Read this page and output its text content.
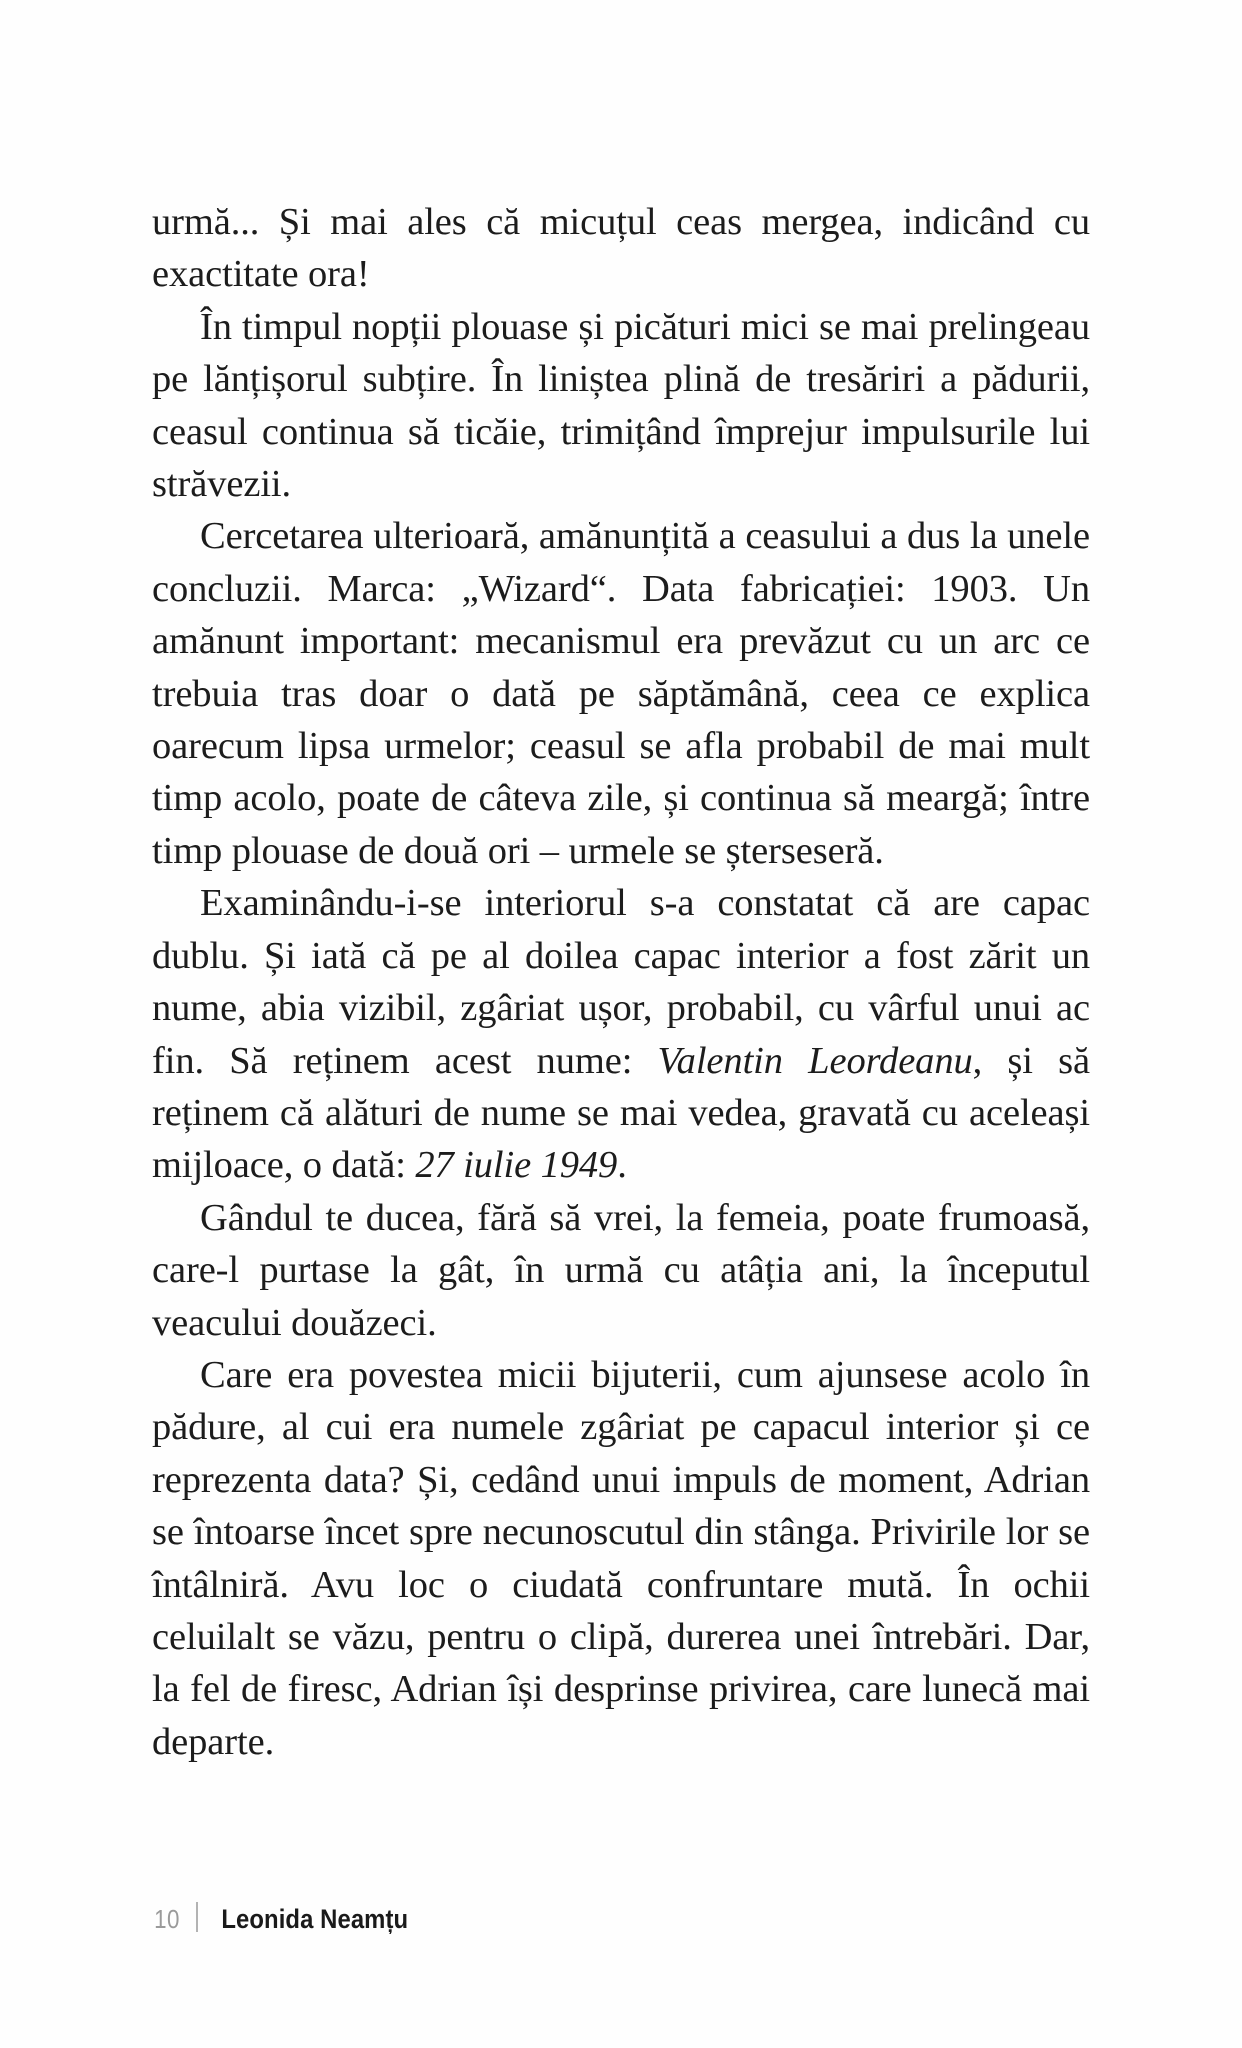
urmă... Și mai ales că micuțul ceas mergea, indicând cu exactitate ora!

În timpul nopții plouase și picături mici se mai prelingeau pe lănțișorul subțire. În liniștea plină de tresăriri a pădurii, ceasul continua să ticăie, trimițând împrejur impulsurile lui străvezii.

Cercetarea ulterioară, amănunțită a ceasului a dus la unele concluzii. Marca: „Wizard“. Data fabricației: 1903. Un amănunt important: mecanismul era prevăzut cu un arc ce trebuia tras doar o dată pe săptămână, ceea ce explica oarecum lipsa urmelor; ceasul se afla probabil de mai mult timp acolo, poate de câteva zile, și continua să meargă; între timp plouase de două ori – urmele se șterseseră.

Examinându-i-se interiorul s-a constatat că are capac dublu. Și iată că pe al doilea capac interior a fost zărit un nume, abia vizibil, zgâriat ușor, probabil, cu vârful unui ac fin. Să reținem acest nume: Valentin Leordeanu, și să reținem că alături de nume se mai vedea, gravată cu aceleași mijloace, o dată: 27 iulie 1949.

Gândul te ducea, fără să vrei, la femeia, poate frumoasă, care-l purtase la gât, în urmă cu atâția ani, la începutul veacului douăzeci.

Care era povestea micii bijuterii, cum ajunsese acolo în pădure, al cui era numele zgâriat pe capacul interior și ce reprezenta data? Și, cedând unui impuls de moment, Adrian se întoarse încet spre necunoscutul din stânga. Privirile lor se întâlniră. Avu loc o ciudată confruntare mută. În ochii celuilalt se văzu, pentru o clipă, durerea unei întrebări. Dar, la fel de firesc, Adrian își desprinse privirea, care lunecă mai departe.

10 Leonida Neamțu
